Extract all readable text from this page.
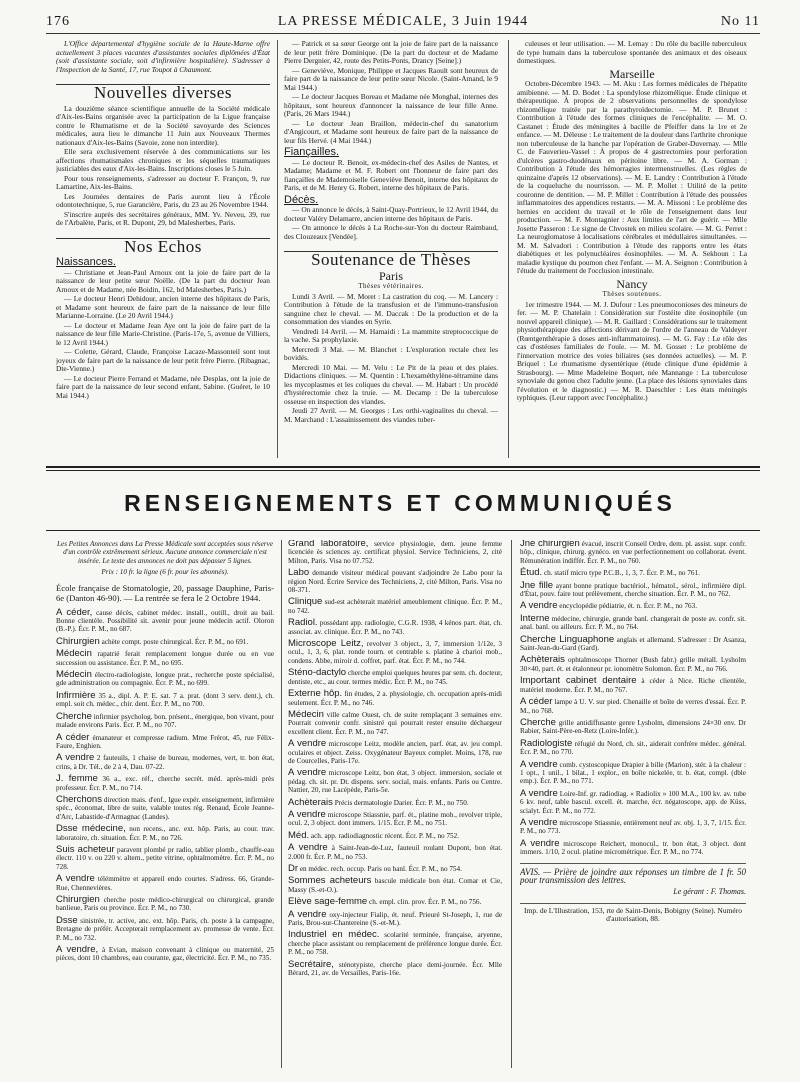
176	LA PRESSE MÉDICALE, 3 Juin 1944	No 11

L'Office départemental d'hygiène sociale de la Haute-Marne offre actuellement 3 places vacantes d'assistantes sociales diplômées d'État (soit d'assistante sociale, soit d'infirmière hospitalière). S'adresser à l'Inspection de la Santé, 17, rue Toupot à Chaumont.

Nouvelles diverses

La douzième séance scientifique annuelle de la Société médicale d'Aix-les-Bains organisée avec la participation de la Ligue française contre le Rhumatisme et de la Société savoyarde des Sciences médicales, aura lieu le dimanche 11 Juin aux Nouveaux Thermes nationaux d'Aix-les-Bains (Savoie, zone non interdite).

Elle sera exclusivement réservée à des communications sur les affections rhumatismales chroniques et les séquelles traumatiques justiciables des eaux d'Aix-les-Bains. Inscriptions closes le 5 Juin.

Pour tous renseignements, s'adresser au docteur F. Françon, 9, rue Lamartine, Aix-les-Bains.

Les Journées dentaires de Paris auront lieu à l'École odontotechnique, 5, rue Garancière, Paris, du 23 au 26 Novembre 1944.

S'inscrire auprès des secrétaires généraux, MM. Yv. Neveu, 39, rue de l'Arbalète, Paris, et R. Dupont, 29, bd Malesherbes, Paris.

Nos Echos
Naissances.

— Christiane et Jean-Paul Arnoux ont la joie de faire part de la naissance de leur petite sœur Noëlle. (De la part du docteur Jean Arnoux et de Madame, née Boidin, 162, bd Malesherbes, Paris.)

— Le docteur Henri Dehidour, ancien interne des hôpitaux de Paris, et Madame sont heureux de faire part de la naissance de leur fille Marianne-Lorraine. (Le 20 Avril 1944.)

— Le docteur et Madame Jean Aye ont la joie de faire part de la naissance de leur fille Marie-Christine. (Paris-17e, 5, avenue de Villiers, le 12 Avril 1944.)

— Colette, Gérard, Claude, Françoise Lacaze-Massonteil sont tout joyeux de faire part de la naissance de leur petit frère Pierre. (Ribagnac, Dte-Vienne.)

— Le docteur Pierre Ferrand et Madame, née Desplas, ont la joie de faire part de la naissance de leur second enfant, Sabine. (Guéret, le 10 Mai 1944.)

— Patrick et sa sœur George ont la joie de faire part de la naissance de leur petit frère Dominique. (De la part du docteur et de Madame Pierre Dergnier, 42, route des Petits-Ponts, Drancy [Seine].)

— Geneviève, Monique, Philippe et Jacques Raoult sont heureux de faire part de la naissance de leur petite sœur Nicole. (Saint-Amand, le 9 Mai 1944.)

— Le docteur Jacques Boreau et Madame née Monghal, internes des hôpitaux, sont heureux d'annoncer la naissance de leur fille Anne. (Paris, 26 Mars 1944.)

— Le docteur Jean Braillon, médecin-chef du sanatorium d'Angicourt, et Madame sont heureux de faire part de la naissance de leur fils Hervé. (4 Mai 1944.)

Fiançailles.

— Le docteur R. Benoit, ex-médecin-chef des Asiles de Nantes, et Madame; Madame et M. F. Robert ont l'honneur de faire part des fiançailles de Mademoiselle Geneviève Benoit, interne des hôpitaux de Paris, et de M. Henry G. Robert, interne des hôpitaux de Paris.

Décès.

— On annonce le décès, à Saint-Quay-Portrieux, le 12 Avril 1944, du docteur Valéry Delamarre, ancien interne des hôpitaux de Paris.

— On annonce le décès à La Roche-sur-Yon du docteur Raimbaud, des Clouzeaux [Vendée].

Soutenance de Thèses
Paris
Thèses vétérinaires.

Lundi 3 Avril. — M. Moret : La castration du coq. — M. Lancery : Contribution à l'étude de la transfusion et de l'immuno-transfusion sanguine chez le cheval. — M. Daccak : De la production et de la consommation des viandes en Syrie.

Vendredi 14 Avril. — M. Hamaidi : La mammite streptococcique de la vache. Sa prophylaxie.

Mercredi 3 Mai. — M. Blanchet : L'exploration rectale chez les bovidés.

Mercredi 10 Mai. — M. Velu : Le Pit de la peau et des plaies. Didactions cliniques. — M. Quentin : L'hexaméthylène-tétramine dans les mycoplasmes et les coliques du cheval. — M. Habart : Un procédé d'hystérectomie chez la truie. — M. Decamp : De la tuberculose osseuse en inspection des viandes.

Jeudi 27 Avril. — M. Georges : Les orthi-vaginalites du cheval. — M. Marchand : L'assainissement des viandes tuber-

culeuses et leur utilisation. — M. Lemay : Du rôle du bacille tuberculeux de type humain dans la tuberculose spontanée des animaux et des oiseaux domestiques.

Marseille

Octobre-Décembre 1943. — M. Aku : Les formes médicales de l'hépatite amibienne. — M. D. Bodet : La spondylose rhizomélique. Étude clinique et thérapeutique. À propos de 2 observations personnelles de spondylose rhizomélique traitée par la parathyroïdectomie. — M. P. Brunet : Contribution à l'étude des formes cliniques de l'encéphalite. — M. O. Castanet : Étude des méningites à bacille de Pfeiffer dans la 1re et 2e enfance. — M. Déleuse : Le traitement de la douleur dans l'arthrite chronique non tuberculeuse de la hanche par l'opération de Graber-Duvernay. — Mlle C. de Fauverieu-Vassel : À propos de 4 gastrectomies pour perforation d'ulcères gastro-duodénaux en péritoine libre. — M. A. Gorman : Contribution à l'étude des hémorragies intermenstruelles. (Les règles de quinzaine d'après 12 observations). — M. E. Landry : Contribution à l'étude de la coqueluche du nourrisson. — M. P. Mollet : Utilité de la petite couronne de dentition. — M. P. Millet : Contribution à l'étude des poussées inflammatoires des appendices restants. — M. A. Missoni : Le problème des hernies en accident du travail et le rôle de l'enseignement dans leur production. — M. F. Montagnier : Aux limites de l'art de guérir. — Mlle Josette Passeron : Le signe de Chvostek en milieu scolaire. — M. G. Perret : La neuroglomatose à localisations cérébrales et médullaires simultanées. — M. M. Salvadori : Contribution à l'étude des rapports entre les états diabétiques et les polynucléaires éosinophiles. — M. A. Sekhoun : La maladie kystique du poumon chez l'enfant. — M. A. Seignon : Contribution à l'étude du traitement de l'occlusion intestinale.

Nancy
Thèses soutenues.

1er trimestre 1944. — M. J. Dufour : Les pneumoconioses des mineurs de fer. — M. P. Chatelain : Considération sur l'ostéite dite éosinophile (un nouvel appareil clinique). — M. R. Gaillard : Considérations sur le traitement physiothérapique des affections dérivant de l'ordre de l'anneau de Valdeyer (Rœntgenthérapie à doses anti-inflammatoires). — M. G. Fay : Le rôle des cas d'ostéoses familiales de l'ouïe. — M. M. Gosset : Le problème de l'innervation motrice des voies biliaires (ses données actuelles). — M. P. Briquel : Le rhumatisme dysentérique (étude clinique d'une épidémie à Strasbourg). — Mme Madeleine Boquet, née Mannange : La tuberculose synoviale du genou chez l'adulte jeune. (La place des lésions synoviales dans l'évolution et le diagnostic.) — M. R. Daeschler : Les états méningés typhiques. (Leur rapport avec l'encéphalite.)

RENSEIGNEMENTS ET COMMUNIQUÉS
Les Petites Annonces dans La Presse Médicale sont acceptées sous réserve d'un contrôle extrêmement sérieux. Aucune annonce commerciale n'est insérée. Le texte des annonces ne doit pas dépasser 5 lignes.
Prix : 10 fr. la ligne (6 fr. pour les abonnés).
École française de Stomatologie, 20, passage Dauphine, Paris-6e (Danton 46-90). — La rentrée se fera le 2 Octobre 1944.

A céder, cause décès, cabinet médec. install., outill., droit au bail. Bonne clientèle. Possibilité sit. avenir pour jeune médecin actif. Oloron (B.-P.). Écr. P. M., no 687.

Chirurgien achète compt. poste chirurgical. Écr. P. M., no 691.

Médecin rapatrié ferait remplacement longue durée ou en vue succession ou assistance. Écr. P. M., no 695.

Médecin électro-radiologiste, longue prat., recherche poste spécialisé, gde administration ou compagnie. Écr. P. M., no 699.

Infirmière 35 a., dipl. A. P. E. sat. 7 a. prat. (dont 3 serv. dent.), ch. empl. soit ch. médec., chir. dent. Écr. P. M., no 700.

Cherche infirmier psycholog. bon. présent., énergique, bon vivant, pour malade environs Paris. Écr. P. M., no 707.

A céder émanateur et compresse radium. Mme Frérot, 45, rue Félix-Faure, Enghien.

A vendre 2 fauteuils, 1 chaise de bureau, modernes, vert, tr. bon état, crins, à Dr. Tél., de 2 à 4, Dau. 07-22.

J. femme 36 a., exc. réf., cherche secrét. méd. après-midi près professeur. Écr. P. M., no 714.

Cherchons direction mais. d'enf., Igue expér. enseignement, infirmière spéc., économat, libre de suite, valable toutes rég. Renaud, École Jeanne-d'Arc, Labastide-d'Armagnac (Landes).

Dsse médecine, non recens., anc. ext. hôp. Paris, au cour. trav. laboratoire, ch. situation. Écr. P. M., no 726.

Suis acheteur paravent plombé pr radio, tablier plomb., chauffe-eau électr. 110 v. ou 220 v. altern., petite vitrine, ophtalmomètre. Écr. P. M., no 728.

A vendre télémmètre et appareil endo courtes. S'adress. 66, Grande-Rue, Chennevières.

Chirurgien cherche poste médico-chirurgical ou chirurgical, grande banlieue, Paris ou province. Écr. P. M., no 730.

Dsse sinistrée, tr. active, anc. ext. hôp. Paris, ch. poste à la campagne, Bretagne de préfér. Accepterait remplacement av. promesse de vente. Écr. P. M., no 732.

A vendre, à Evian, maison convenant à clinique ou maternité, 25 pièces, dont 10 chambres, eau courante, gaz, électricité. Écr. P. M., no 735.

Grand laboratoire, service physiologie, dem. jeune femme licenciée ès sciences ay. certificat physiol. Service Techniciens, 2, cité Milton, Paris. Visa no 07.752.

Labo demande visiteur médical pouvant s'adjoindre 2e Labo pour la région Nord. Écrire Service des Techniciens, 2, cité Milton, Paris. Visa no 08-371.

Clinique sud-est achèterait matériel ameublement clinique. Écr. P. M., no 742.

Radiol. possédant app. radiologie, C.G.R. 1938, 4 kénos part. état, ch. associat. av. clinique. Écr. P. M., no 743.

Microscope Leitz, revolver 3 object., 3, 7, immersion 1/12e, 3 ocul., 1, 3, 6, plat. ronde tourn. et centrable s. platine à charioi mob., condens. Abbe, miroir d. coffret, parf. état. Écr. P. M., no 744.

Sténo-dactylo cherche emploi quelques heures par sem. ch. docteur, dentiste, etc., au cour. termes médic. Écr. P. M., no 745.

Externe hôp. fin études, 2 a. physiologie, ch. occupation après-midi seulement. Écr. P. M., no 746.

Médecin ville calme Ouest, ch. de suite remplaçant 3 semaines env. Pourrait convenir confr. sinistré qui pourrait rester ensuite déchargeur excellent client. Écr. P. M., no 747.

A vendre microscope Leitz, modèle ancien, parf. état, av. jeu compl. oculaires et object. Zeiss. Oxygénateur Bayeux complet. Moins, 178, rue de Courcelles, Paris-17e.

A vendre microscope Leitz, bon état, 3 object. immersion, sociale et pédag. ch. sit. pr. Dt. dispens. serv. social, mais. enfants. Paris ou Centre. Nattier, 20, rue Lacépède, Paris-5e.

Achèterais Précis dermatologie Darier. Écr. P. M., no 750.

A vendre microscope Stiassnie, parf. ét., platine mob., revolver triple, ocul. 2, 3 object. dont immers. 1/15. Écr. P. M., no 751.

Méd. ach. app. radiodiagnostic récent. Écr. P. M., no 752.

A vendre à Saint-Jean-de-Luz, fauteuil roulant Dupont, bon état. 2.000 fr. Écr. P. M., no 753.

Dr en médec. rech. occup. Paris ou banl. Écr. P. M., no 754.

Sommes acheteurs bascule médicale bon état. Comar et Cie, Massy (S.-et-O.).

Elève sage-femme ch. empl. clin. prov. Écr. P. M., no 756.

A vendre oxy-injecteur Fialip, ét. neuf. Prieuré St-Joseph, 1, rue de Paris, Brou-sur-Chantereine (S.-et-M.).

Industriel en médec. scolarité terminée, française, aryenne, cherche place assistant ou remplacement de préférence longue durée. Écr. P. M., no 758.

Secrétaire, sténotypiste, cherche place demi-journée. Écr. Mlle Bérard, 21, av. de Versailles, Paris-16e.

Jne chirurgien évacué, inscrit Conseil Ordre, dem. pl. assist. supr. confr. hôp., clinique, chirurg. gynéco. en vue perfectionnement ou collaborat. évent. Rémunération indiffér. Écr. P. M., no 760.

Étud. ch. statif micro type P.C.B., 1, 3, 7. Écr. P. M., no 761.

Jne fille ayant bonne pratique bactériol., hématol., sérol., infirmière dipl. d'État, pouv. faire tout prélèvement, cherche situation. Écr. P. M., no 762.

A vendre encyclopédie pédiatrie, ét. n. Écr. P. M., no 763.

Interne médecine, chirurgie, grande banl. changerait de poste av. confr. sit. anal. banl. ou ailleurs. Écr. P. M., no 764.

Cherche Linguaphone anglais et allemand. S'adresser : Dr Asanza, Saint-Jean-du-Gard (Gard).

Achèterais ophtalmoscope Thorner (Bush fabr.) grille métall. Lysholm 30×40, part. ét. et étalonneur pr. ionomètre Solomon. Écr. P. M., no 766.

Important cabinet dentaire à céder à Nice. Riche clientèle, matériel moderne. Écr. P. M., no 767.

A céder lampe à U. V. sur pied. Chenaille et boîte de verres d'essai. Écr. P. M., no 768.

Cherche grille antidiffusante genre Lysholm, dimensions 24×30 env. Dr Rabier, Saint-Père-en-Retz (Loire-Infér.).

Radiologiste réfugié du Nord, ch. sit., aiderait confrère médec. général. Écr. P. M., no 770.

A vendre comb. cystoscopique Drapier à bille (Marion), stér. à la chaleur : 1 opt., 1 unil., 1 bilat., 1 explor., en boîte nickelée, tr. b. état, compl. (dble emp.). Écr. P. M., no 771.

A vendre Loire-Inf. gr. radiodiag. « Radiolix » 100 M.A., 100 kv. av. tube 6 kv. neuf, table bascul. excell. ét. marche, écr. négatoscope, app. de Küss, scialyt. Écr. P. M., no 772.

A vendre microscope Stiassnie, entièrement neuf av. obj. 1, 3, 7, 1/15. Écr. P. M., no 773.

A vendre microscope Reichert, monocul., tr. bon état, 3 object. dont immers. 1/10, 2 ocul. platine micrométrique. Écr. P. M., no 774.

AVIS. — Prière de joindre aux réponses un timbre de 1 fr. 50 pour transmission des lettres.
Le gérant : F. Thomas.
Imp. de L'Illustration, 153, rte de Saint-Denis, Bobigny (Seine). Numéro d'autorisation, 88.
